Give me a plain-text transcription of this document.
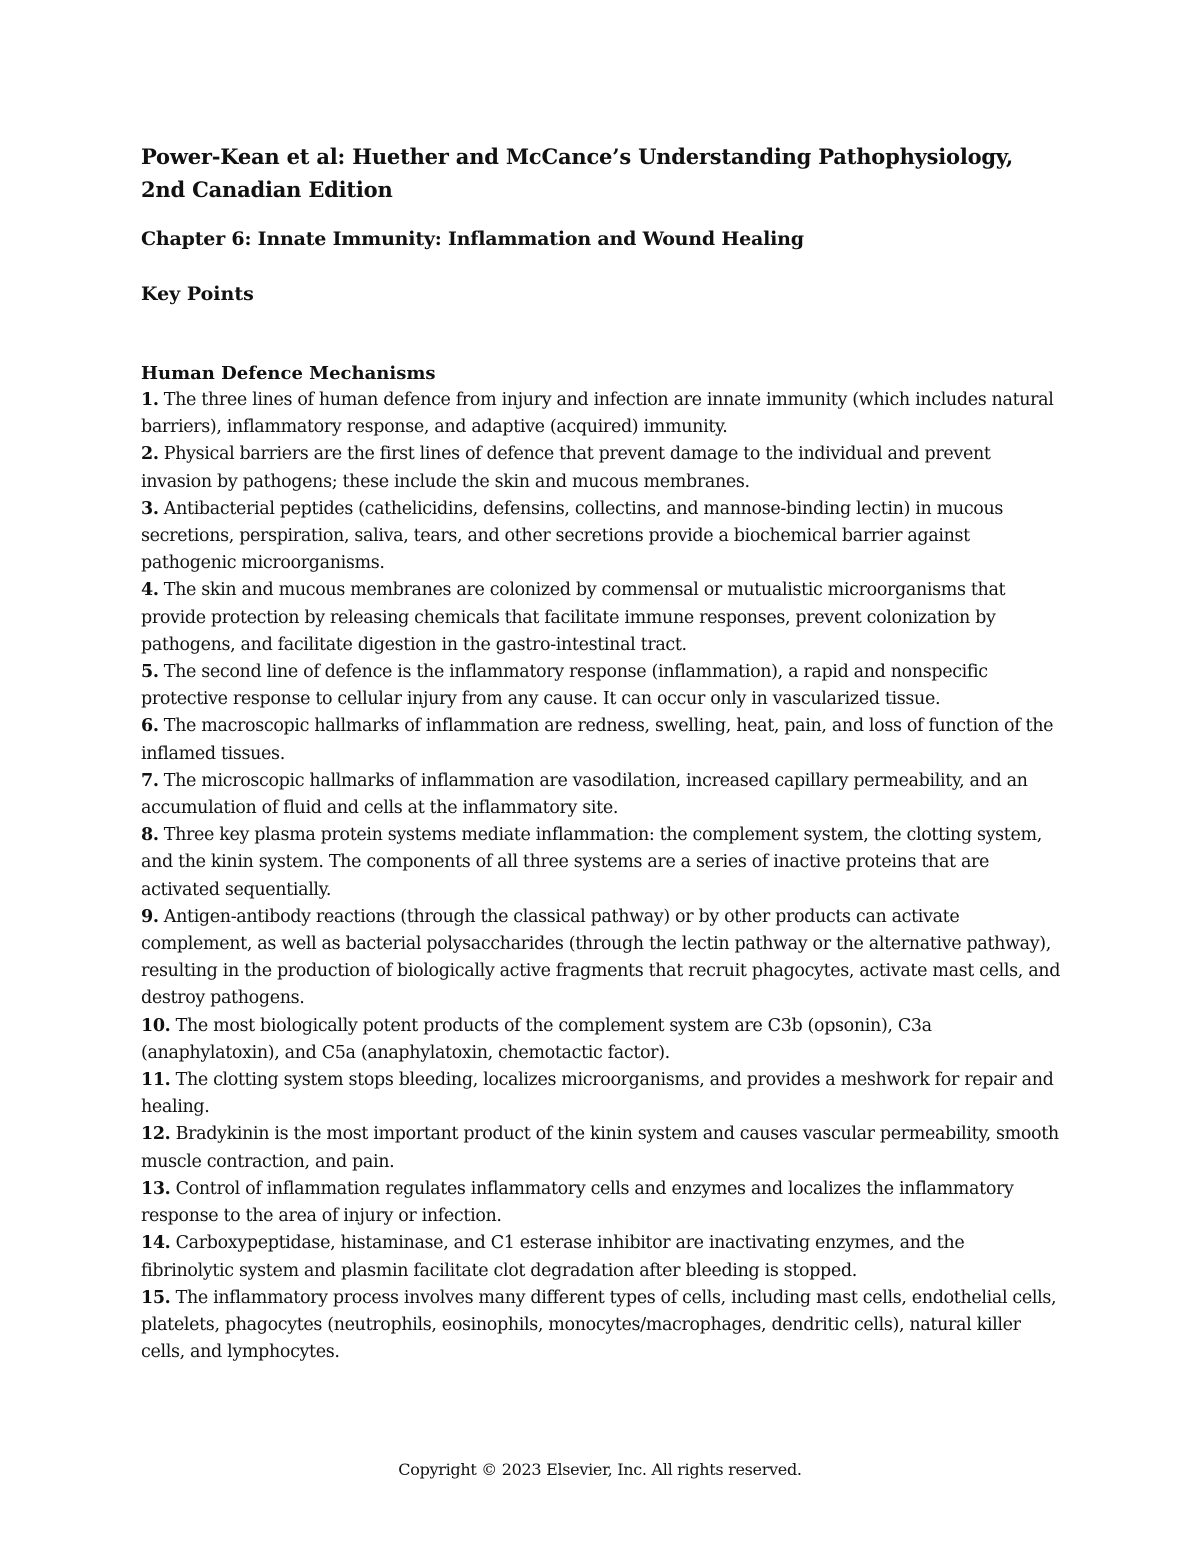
Power-Kean et al: Huether and McCance’s Understanding Pathophysiology, 2nd Canadian Edition
Chapter 6: Innate Immunity: Inflammation and Wound Healing
Key Points
Human Defence Mechanisms
1. The three lines of human defence from injury and infection are innate immunity (which includes natural barriers), inflammatory response, and adaptive (acquired) immunity.
2. Physical barriers are the first lines of defence that prevent damage to the individual and prevent invasion by pathogens; these include the skin and mucous membranes.
3. Antibacterial peptides (cathelicidins, defensins, collectins, and mannose-binding lectin) in mucous secretions, perspiration, saliva, tears, and other secretions provide a biochemical barrier against pathogenic microorganisms.
4. The skin and mucous membranes are colonized by commensal or mutualistic microorganisms that provide protection by releasing chemicals that facilitate immune responses, prevent colonization by pathogens, and facilitate digestion in the gastro-intestinal tract.
5. The second line of defence is the inflammatory response (inflammation), a rapid and nonspecific protective response to cellular injury from any cause. It can occur only in vascularized tissue.
6. The macroscopic hallmarks of inflammation are redness, swelling, heat, pain, and loss of function of the inflamed tissues.
7. The microscopic hallmarks of inflammation are vasodilation, increased capillary permeability, and an accumulation of fluid and cells at the inflammatory site.
8. Three key plasma protein systems mediate inflammation: the complement system, the clotting system, and the kinin system. The components of all three systems are a series of inactive proteins that are activated sequentially.
9. Antigen-antibody reactions (through the classical pathway) or by other products can activate complement, as well as bacterial polysaccharides (through the lectin pathway or the alternative pathway), resulting in the production of biologically active fragments that recruit phagocytes, activate mast cells, and destroy pathogens.
10. The most biologically potent products of the complement system are C3b (opsonin), C3a (anaphylatoxin), and C5a (anaphylatoxin, chemotactic factor).
11. The clotting system stops bleeding, localizes microorganisms, and provides a meshwork for repair and healing.
12. Bradykinin is the most important product of the kinin system and causes vascular permeability, smooth muscle contraction, and pain.
13. Control of inflammation regulates inflammatory cells and enzymes and localizes the inflammatory response to the area of injury or infection.
14. Carboxypeptidase, histaminase, and C1 esterase inhibitor are inactivating enzymes, and the fibrinolytic system and plasmin facilitate clot degradation after bleeding is stopped.
15. The inflammatory process involves many different types of cells, including mast cells, endothelial cells, platelets, phagocytes (neutrophils, eosinophils, monocytes/macrophages, dendritic cells), natural killer cells, and lymphocytes.
Copyright © 2023 Elsevier, Inc. All rights reserved.
